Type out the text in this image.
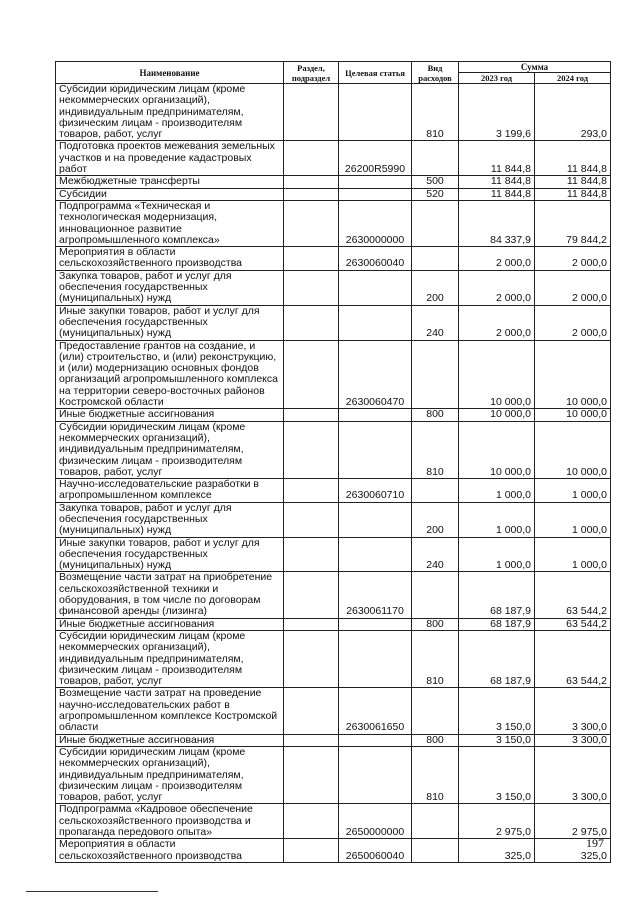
Наименование	Раздел, подраздел	Целевая статья	Вид расходов	Сумма	
				2023 год	2024 год
Субсидии юридическим лицам (кроме некоммерческих организаций), индивидуальным предпринимателям, физическим лицам - производителям товаров, работ, услуг			810	3 199,6	293,0
Подготовка проектов межевания земельных участков и на проведение кадастровых работ		26200R5990		11 844,8	11 844,8
Межбюджетные трансферты			500	11 844,8	11 844,8
Субсидии			520	11 844,8	11 844,8
Подпрограмма «Техническая и технологическая модернизация, инновационное развитие агропромышленного комплекса»		2630000000		84 337,9	79 844,2
Мероприятия в области сельскохозяйственного производства		2630060040		2 000,0	2 000,0
Закупка товаров, работ и услуг для обеспечения государственных (муниципальных) нужд			200	2 000,0	2 000,0
Иные закупки товаров, работ и услуг для обеспечения государственных (муниципальных) нужд			240	2 000,0	2 000,0
Предоставление грантов на создание, и (или) строительство, и (или) реконструкцию, и (или) модернизацию основных фондов организаций агропромышленного комплекса на территории северо-восточных районов Костромской области		2630060470		10 000,0	10 000,0
Иные бюджетные ассигнования			800	10 000,0	10 000,0
Субсидии юридическим лицам (кроме некоммерческих организаций), индивидуальным предпринимателям, физическим лицам - производителям товаров, работ, услуг			810	10 000,0	10 000,0
Научно-исследовательские разработки в агропромышленном комплексе		2630060710		1 000,0	1 000,0
Закупка товаров, работ и услуг для обеспечения государственных (муниципальных) нужд			200	1 000,0	1 000,0
Иные закупки товаров, работ и услуг для обеспечения государственных (муниципальных) нужд			240	1 000,0	1 000,0
Возмещение части затрат на приобретение сельскохозяйственной техники и оборудования, в том числе по договорам финансовой аренды (лизинга)		2630061170		68 187,9	63 544,2
Иные бюджетные ассигнования			800	68 187,9	63 544,2
Субсидии юридическим лицам (кроме некоммерческих организаций), индивидуальным предпринимателям, физическим лицам - производителям товаров, работ, услуг			810	68 187,9	63 544,2
Возмещение части затрат на проведение научно-исследовательских работ в агропромышленном комплексе Костромской области		2630061650		3 150,0	3 300,0
Иные бюджетные ассигнования			800	3 150,0	3 300,0
Субсидии юридическим лицам (кроме некоммерческих организаций), индивидуальным предпринимателям, физическим лицам - производителям товаров, работ, услуг			810	3 150,0	3 300,0
Подпрограмма «Кадровое обеспечение сельскохозяйственного производства и пропаганда передового опыта»		2650000000		2 975,0	2 975,0
Мероприятия в области сельскохозяйственного производства		2650060040		325,0	325,0
197
